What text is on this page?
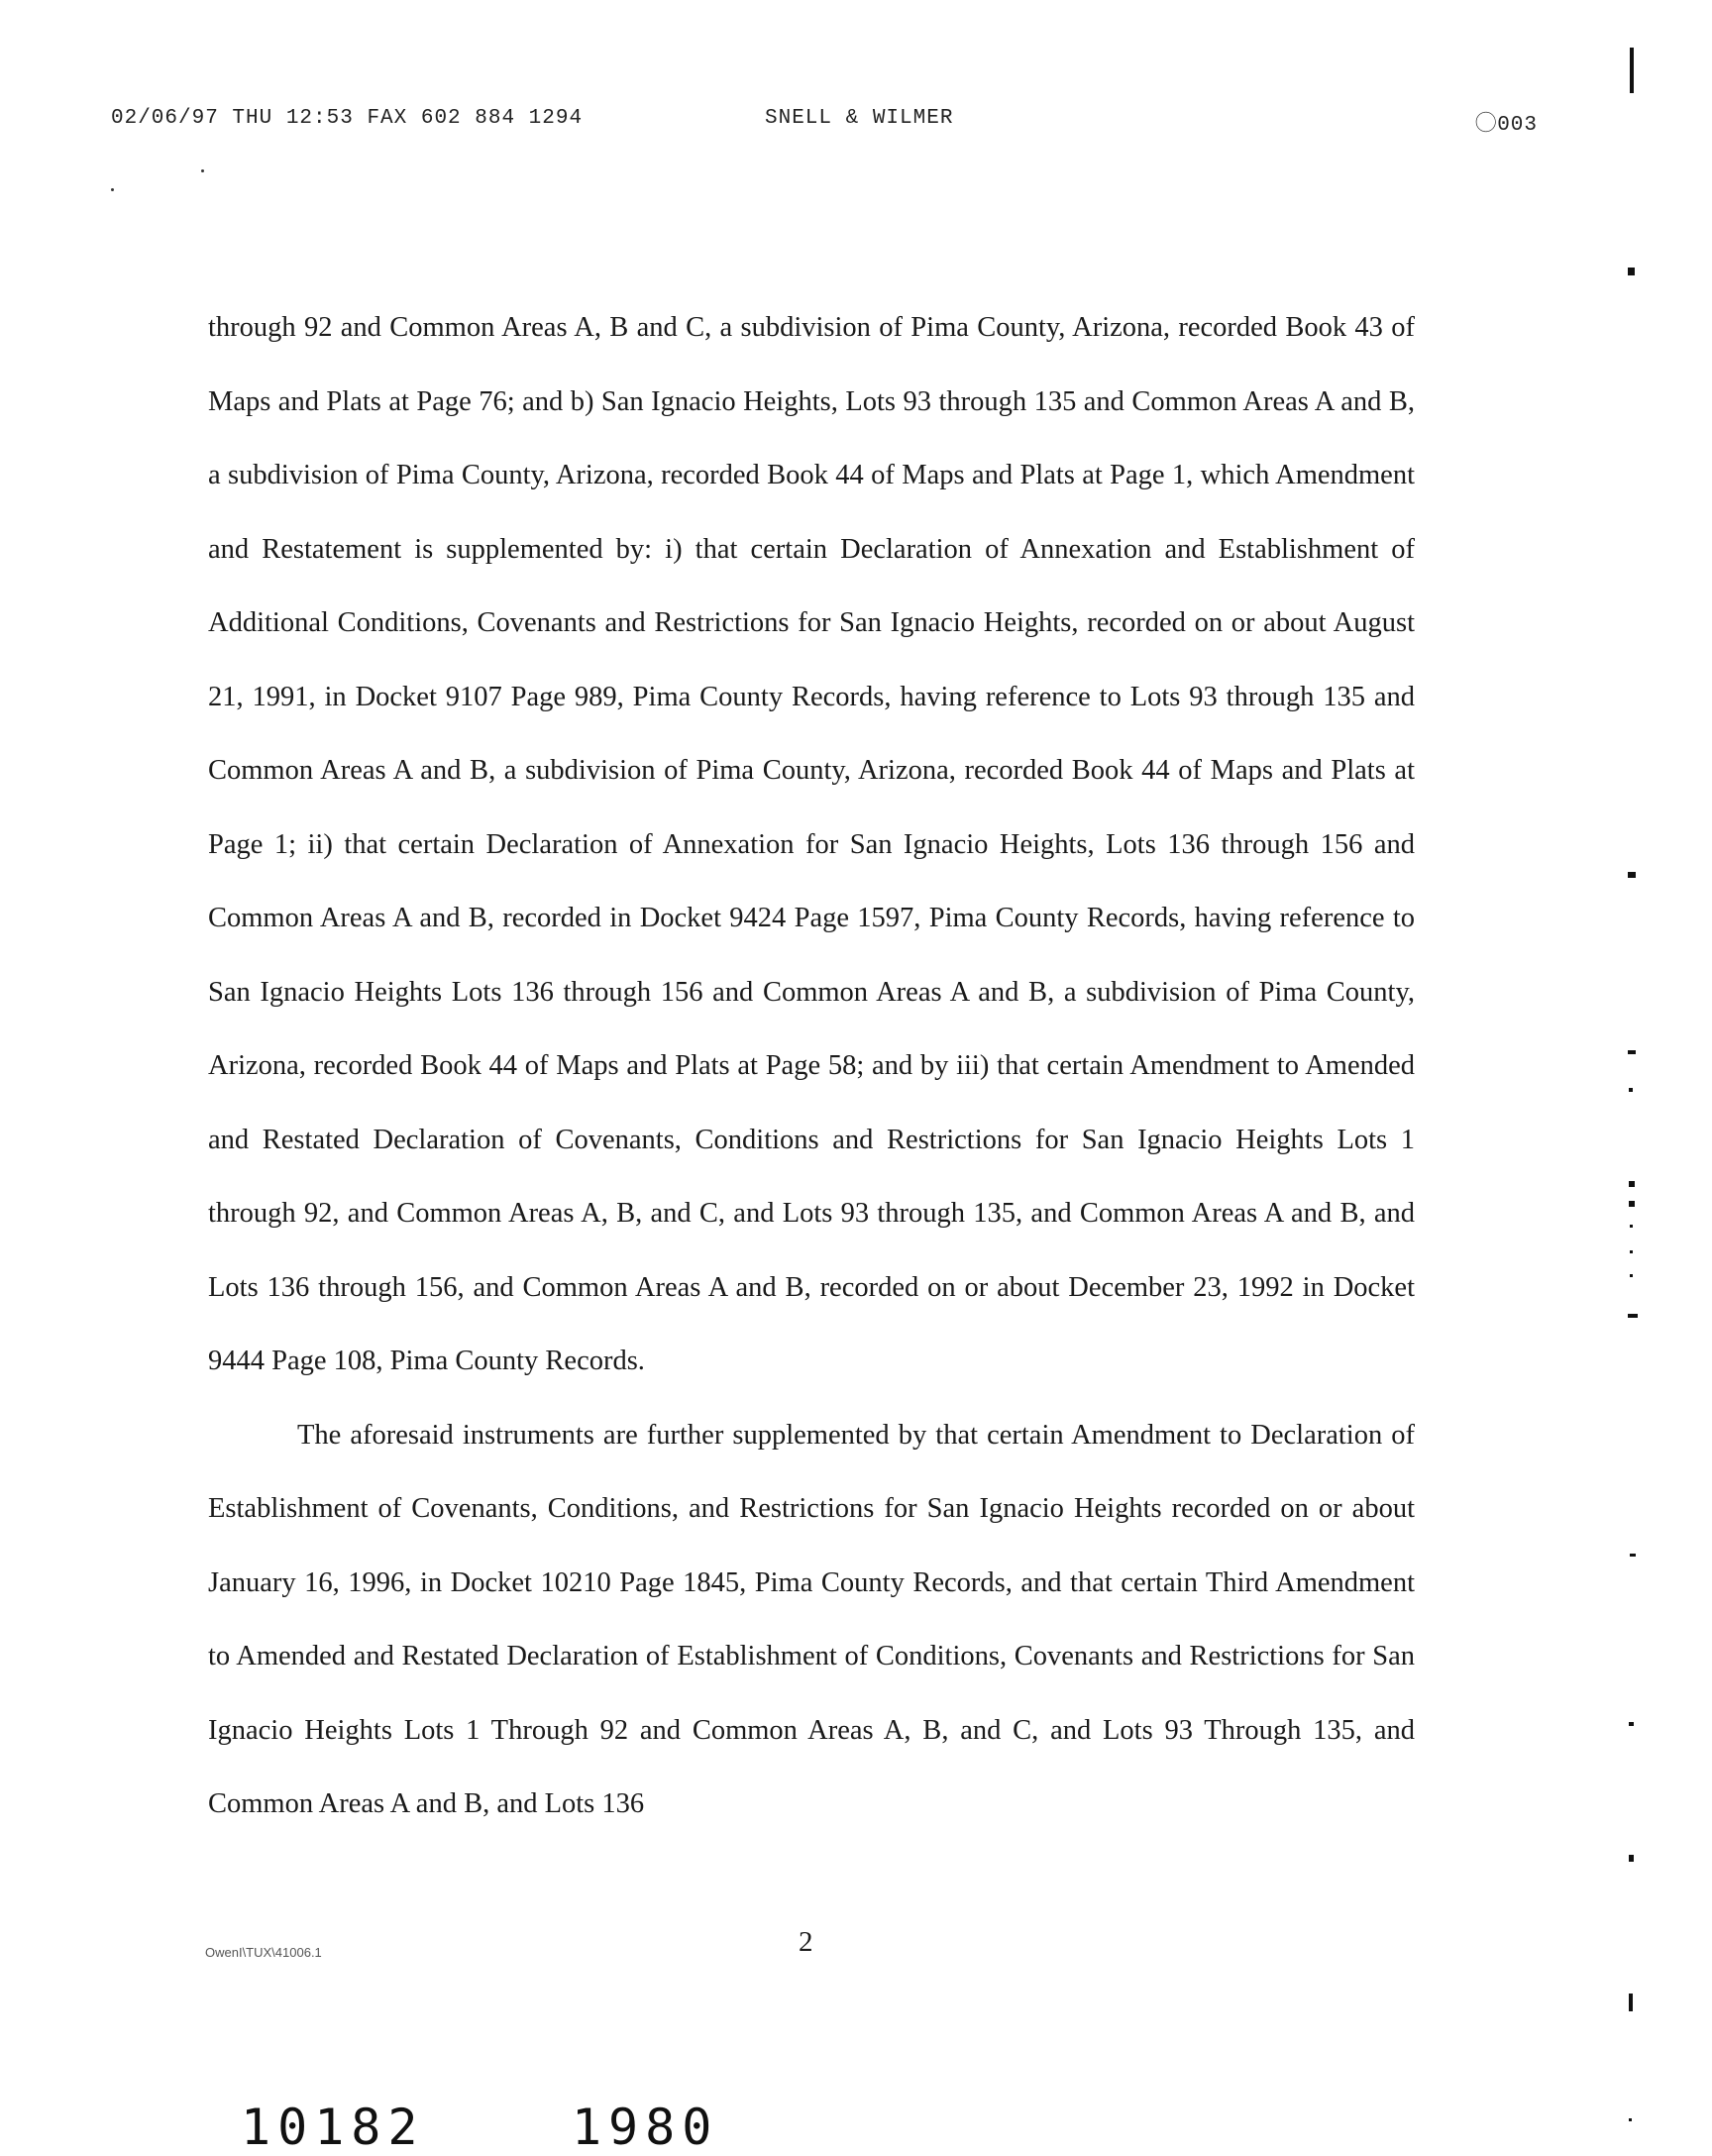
02/06/97 THU 12:53 FAX 602 884 1294	SNELL & WILMER	⃝003

through 92 and Common Areas A, B and C, a subdivision of Pima County, Arizona, recorded Book 43 of Maps and Plats at Page 76; and b) San Ignacio Heights, Lots 93 through 135 and Common Areas A and B, a subdivision of Pima County, Arizona, recorded Book 44 of Maps and Plats at Page 1, which Amendment and Restatement is supplemented by: i) that certain Declaration of Annexation and Establishment of Additional Conditions, Covenants and Restrictions for San Ignacio Heights, recorded on or about August 21, 1991, in Docket 9107 Page 989, Pima County Records, having reference to Lots 93 through 135 and Common Areas A and B, a subdivision of Pima County, Arizona, recorded Book 44 of Maps and Plats at Page 1; ii) that certain Declaration of Annexation for San Ignacio Heights, Lots 136 through 156 and Common Areas A and B, recorded in Docket 9424 Page 1597, Pima County Records, having reference to San Ignacio Heights Lots 136 through 156 and Common Areas A and B, a subdivision of Pima County, Arizona, recorded Book 44 of Maps and Plats at Page 58; and by iii) that certain Amendment to Amended and Restated Declaration of Covenants, Conditions and Restrictions for San Ignacio Heights Lots 1 through 92, and Common Areas A, B, and C, and Lots 93 through 135, and Common Areas A and B, and Lots 136 through 156, and Common Areas A and B, recorded on or about December 23, 1992 in Docket 9444 Page 108, Pima County Records.

The aforesaid instruments are further supplemented by that certain Amendment to Declaration of Establishment of Covenants, Conditions, and Restrictions for San Ignacio Heights recorded on or about January 16, 1996, in Docket 10210 Page 1845, Pima County Records, and that certain Third Amendment to Amended and Restated Declaration of Establishment of Conditions, Covenants and Restrictions for San Ignacio Heights Lots 1 Through 92 and Common Areas A, B, and C, and Lots 93 Through 135, and Common Areas A and B, and Lots 136

OwenI\TUX\41006.1	2
10182	1980
